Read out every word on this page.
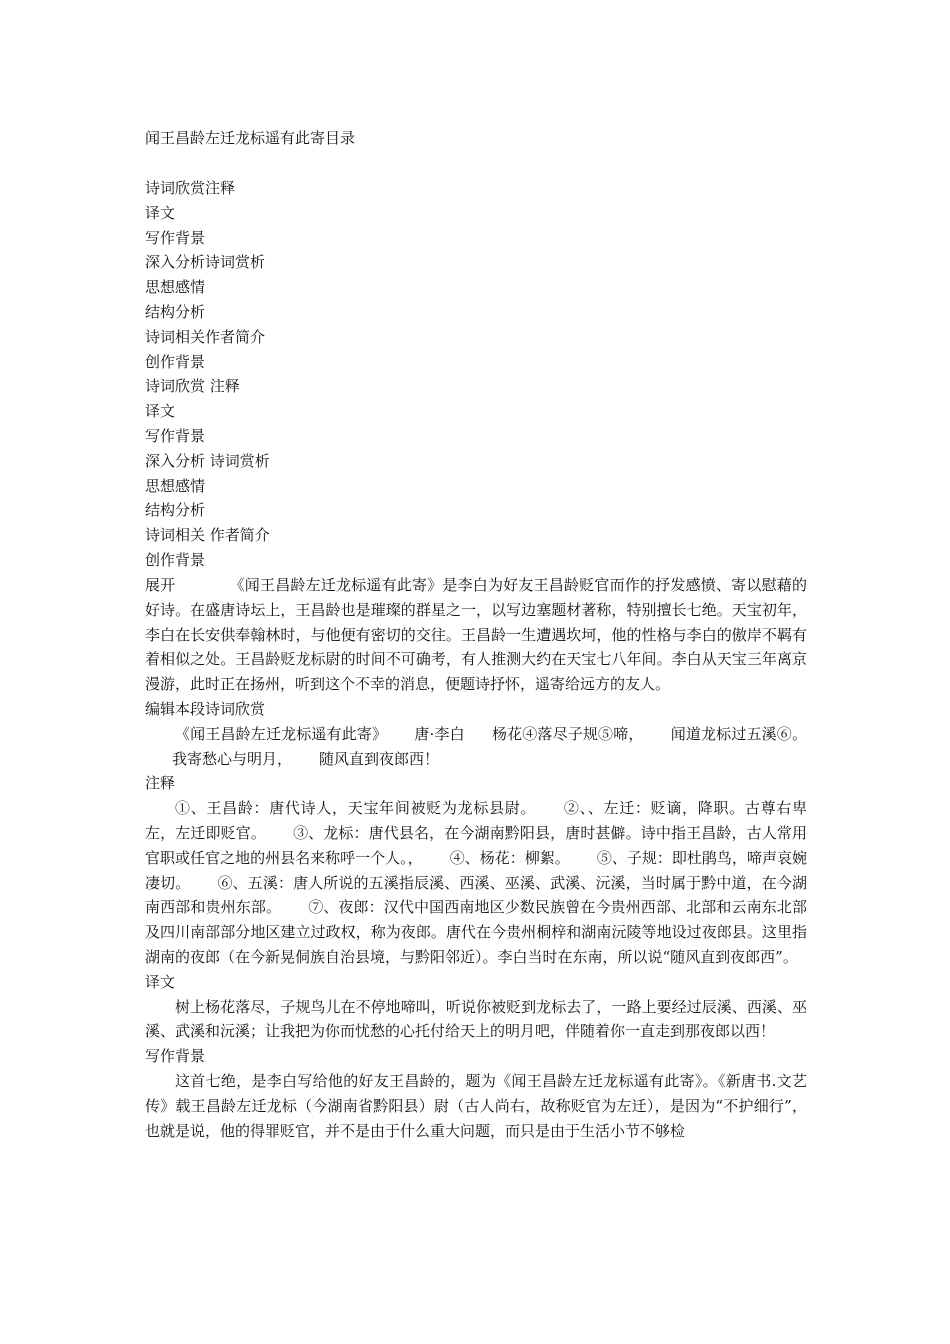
闻王昌龄左迁龙标遥有此寄目录
诗词欣赏注释
译文
写作背景
深入分析诗词赏析
思想感情
结构分析
诗词相关作者简介
创作背景
诗词欣赏 注释
译文
写作背景
深入分析 诗词赏析
思想感情
结构分析
诗词相关 作者简介
创作背景
展开	《闻王昌龄左迁龙标遥有此寄》是李白为好友王昌龄贬官而作的抒发感愤、寄以慰藉的好诗。在盛唐诗坛上，王昌龄也是璀璨的群星之一，以写边塞题材著称，特别擅长七绝。天宝初年，李白在长安供奉翰林时，与他便有密切的交往。王昌龄一生遭遇坎坷，他的性格与李白的傲岸不羁有着相似之处。王昌龄贬龙标尉的时间不可确考，有人推测大约在天宝七八年间。李白从天宝三年离京漫游，此时正在扬州，听到这个不幸的消息，便题诗抒怀，遥寄给远方的友人。
编辑本段诗词欣赏
《闻王昌龄左迁龙标遥有此寄》 唐·李白 杨花④落尽子规⑤啼， 闻道龙标过五溪⑥。我寄愁心与明月， 随风直到夜郎西！
注释
①、王昌龄：唐代诗人，天宝年间被贬为龙标县尉。 ②、、左迁：贬谪，降职。古尊右卑左，左迁即贬官。 ③、龙标：唐代县名，在今湖南黔阳县，唐时甚僻。诗中指王昌龄，古人常用官职或任官之地的州县名来称呼一个人。， ④、杨花：柳絮。 ⑤、子规：即杜鹃鸟，啼声哀婉凄切。 ⑥、五溪：唐人所说的五溪指辰溪、西溪、巫溪、武溪、沅溪，当时属于黔中道，在今湖南西部和贵州东部。 ⑦、夜郎：汉代中国西南地区少数民族曾在今贵州西部、北部和云南东北部及四川南部部分地区建立过政权，称为夜郎。唐代在今贵州桐梓和湖南沅陵等地设过夜郎县。这里指湖南的夜郎（在今新晃侗族自治县境，与黔阳邻近）。李白当时在东南，所以说“随风直到夜郎西”。
译文
树上杨花落尽，子规鸟儿在不停地啼叫，听说你被贬到龙标去了，一路上要经过辰溪、西溪、巫溪、武溪和沅溪；让我把为你而忧愁的心托付给天上的明月吧，伴随着你一直走到那夜郎以西！
写作背景
这首七绝，是李白写给他的好友王昌龄的，题为《闻王昌龄左迁龙标遥有此寄》。《新唐书.文艺传》载王昌龄左迁龙标（今湖南省黔阳县）尉（古人尚右，故称贬官为左迁），是因为“不护细行”，也就是说，他的得罪贬官，并不是由于什么重大问题，而只是由于生活小节不够检
